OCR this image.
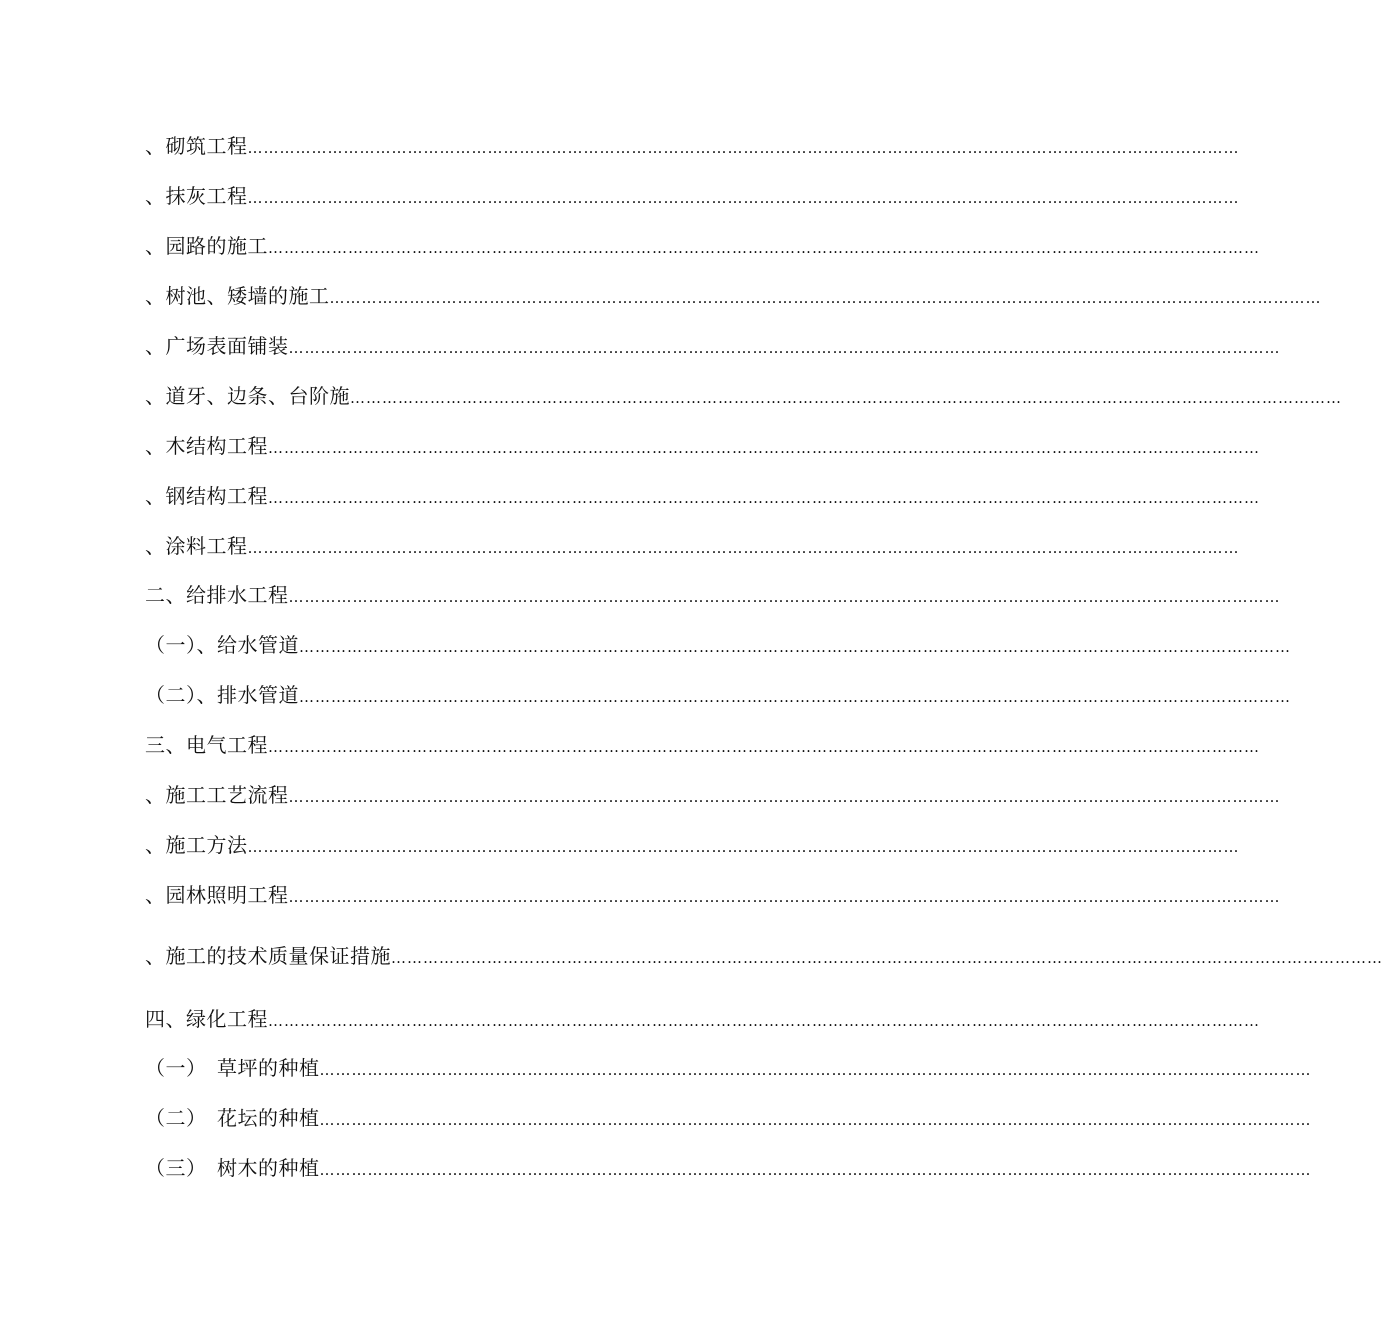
、砌筑工程 ……………………………………………………………………………………………………………………………………………………………………
、抹灰工程 ……………………………………………………………………………………………………………………………………………………………………
、园路的施工 ……………………………………………………………………………………………………………………………………………………………………
、树池、矮墙的施工 ……………………………………………………………………………………………………………………………………………………………………
、广场表面铺装 ……………………………………………………………………………………………………………………………………………………………………
、道牙、边条、台阶施 ……………………………………………………………………………………………………………………………………………………………………
、木结构工程 ……………………………………………………………………………………………………………………………………………………………………
、钢结构工程 ……………………………………………………………………………………………………………………………………………………………………
、涂料工程 ……………………………………………………………………………………………………………………………………………………………………
二、给排水工程 ……………………………………………………………………………………………………………………………………………………………………
（一）、给水管道 ……………………………………………………………………………………………………………………………………………………………………
（二）、排水管道 ……………………………………………………………………………………………………………………………………………………………………
三、电气工程 ……………………………………………………………………………………………………………………………………………………………………
、施工工艺流程 ……………………………………………………………………………………………………………………………………………………………………
、施工方法 ……………………………………………………………………………………………………………………………………………………………………
、园林照明工程 ……………………………………………………………………………………………………………………………………………………………………
、施工的技术质量保证措施 ……………………………………………………………………………………………………………………………………………………………………
四、绿化工程 ……………………………………………………………………………………………………………………………………………………………………
（一）　草坪的种植 ……………………………………………………………………………………………………………………………………………………………………
（二）　花坛的种植 ……………………………………………………………………………………………………………………………………………………………………
（三）　树木的种植 ……………………………………………………………………………………………………………………………………………………………………
